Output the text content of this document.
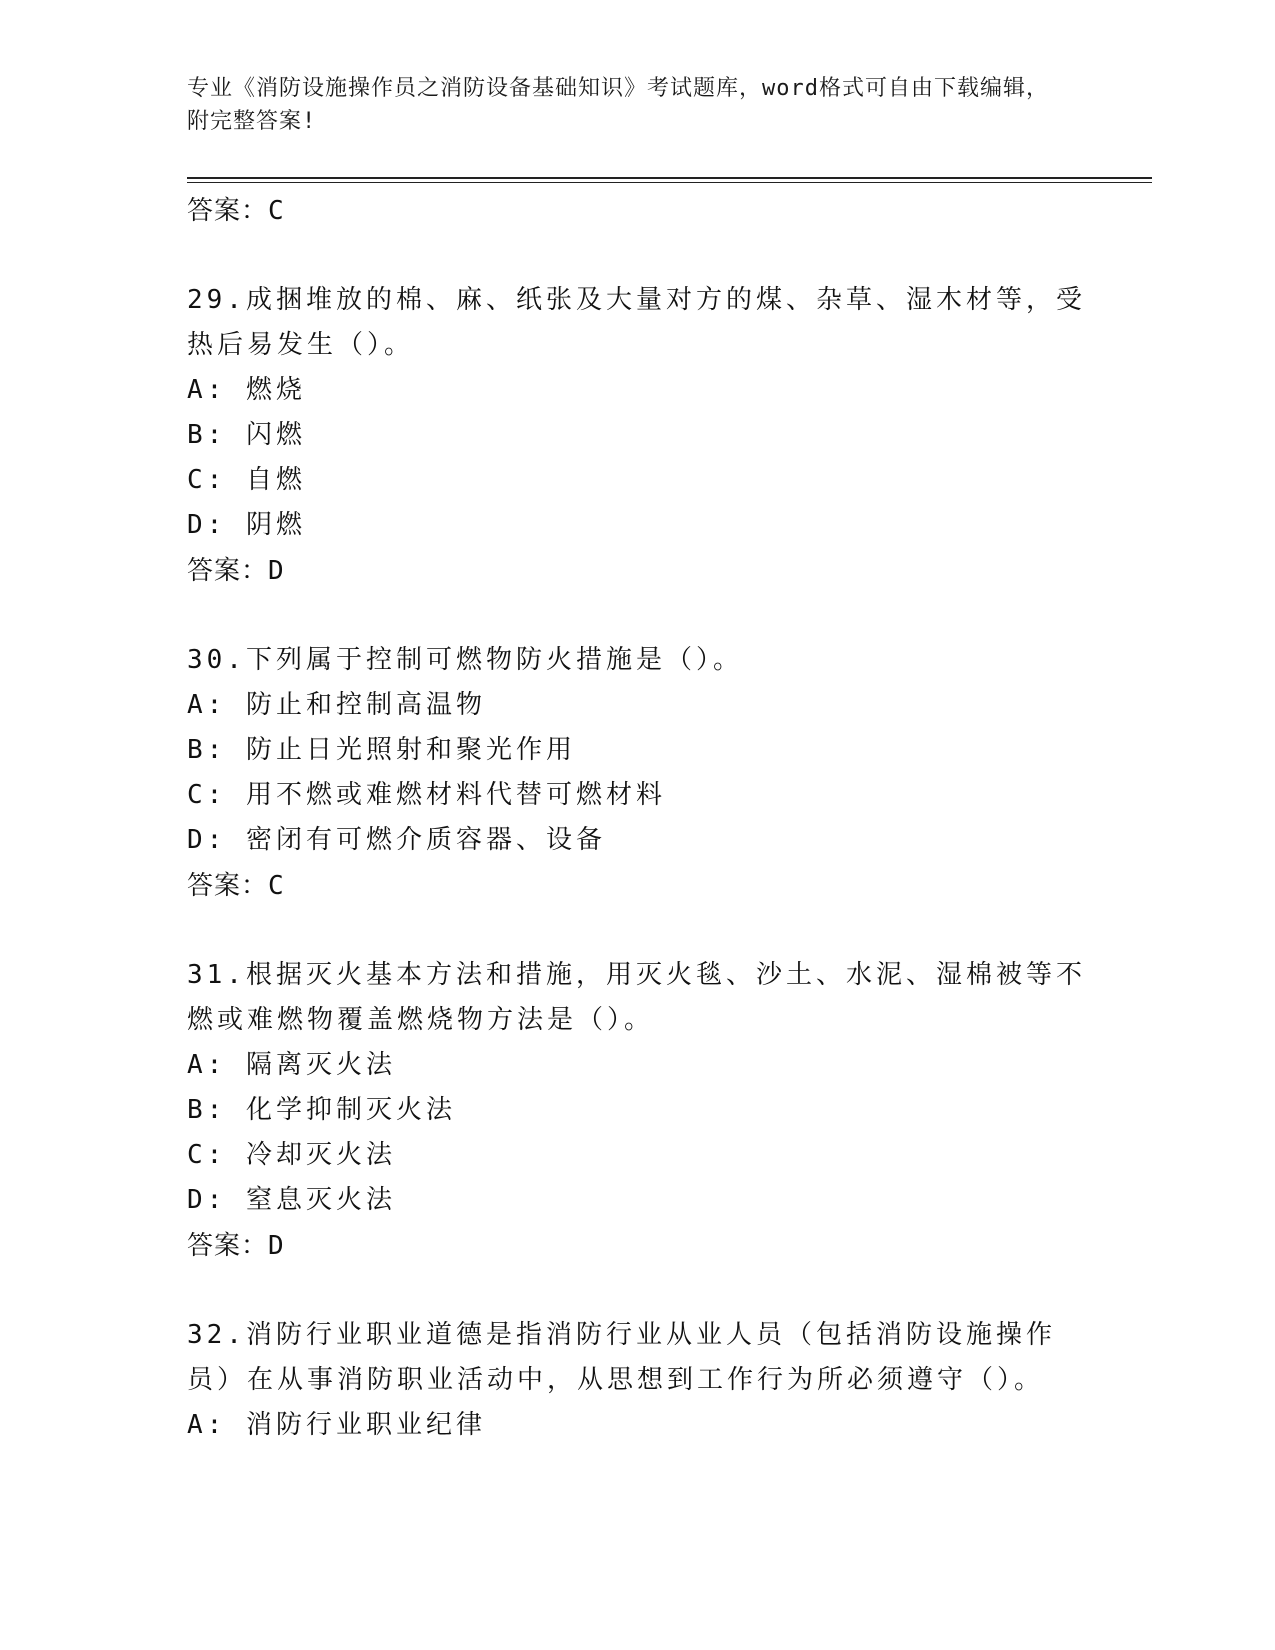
专业《消防设施操作员之消防设备基础知识》考试题库，word格式可自由下载编辑，附完整答案!

答案：C

29.成捆堆放的棉、麻、纸张及大量对方的煤、杂草、湿木材等，受热后易发生（）。

A: 燃烧

B: 闪燃

C: 自燃

D: 阴燃

答案：D

30.下列属于控制可燃物防火措施是（）。

A: 防止和控制高温物

B: 防止日光照射和聚光作用

C: 用不燃或难燃材料代替可燃材料

D: 密闭有可燃介质容器、设备

答案：C

31.根据灭火基本方法和措施，用灭火毯、沙土、水泥、湿棉被等不燃或难燃物覆盖燃烧物方法是（）。

A: 隔离灭火法

B: 化学抑制灭火法

C: 冷却灭火法

D: 窒息灭火法

答案：D

32.消防行业职业道德是指消防行业从业人员（包括消防设施操作员）在从事消防职业活动中，从思想到工作行为所必须遵守（）。

A: 消防行业职业纪律
